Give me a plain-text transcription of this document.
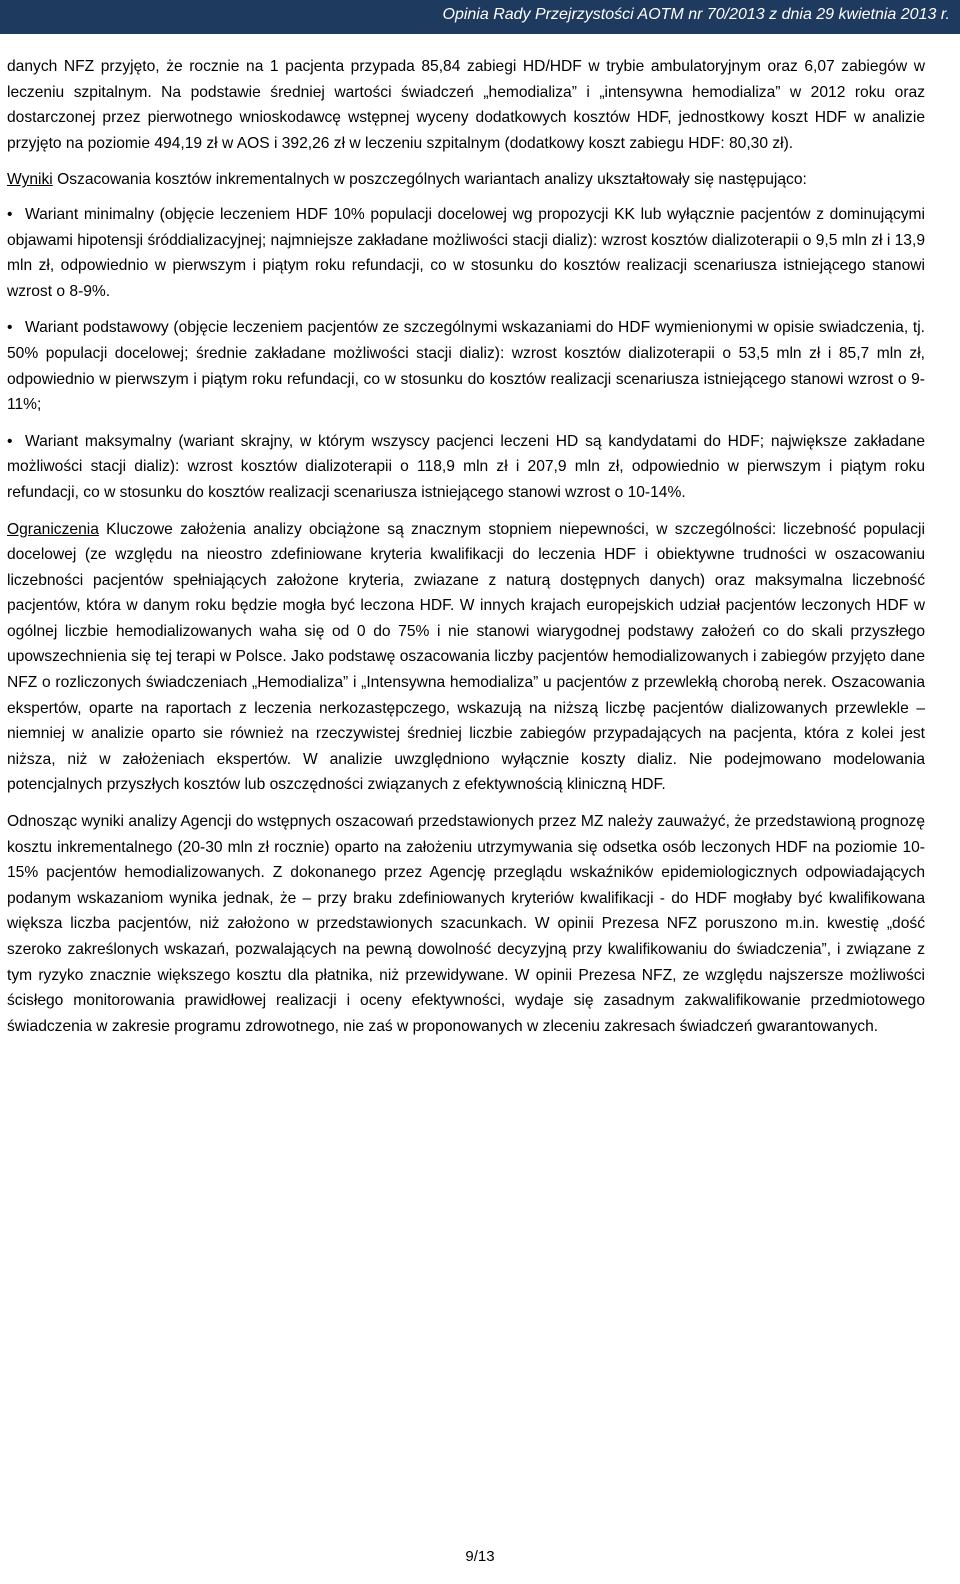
Opinia Rady Przejrzystości AOTM nr 70/2013 z dnia 29 kwietnia 2013 r.

danych NFZ przyjęto, że rocznie na 1 pacjenta przypada 85,84 zabiegi HD/HDF w trybie ambulatoryjnym oraz 6,07 zabiegów w leczeniu szpitalnym. Na podstawie średniej wartości świadczeń „hemodializa” i „intensywna hemodializa” w 2012 roku oraz dostarczonej przez pierwotnego wnioskodawcę wstępnej wyceny dodatkowych kosztów HDF, jednostkowy koszt HDF w analizie przyjęto na poziomie 494,19 zł w AOS i 392,26 zł w leczeniu szpitalnym (dodatkowy koszt zabiegu HDF: 80,30 zł).

Wyniki Oszacowania kosztów inkrementalnych w poszczególnych wariantach analizy ukształtowały się następująco:

• Wariant minimalny (objęcie leczeniem HDF 10% populacji docelowej wg propozycji KK lub wyłącznie pacjentów z dominującymi objawami hipotensji śróddializacyjnej; najmniejsze zakładane możliwości stacji dializ): wzrost kosztów dializoterapii o 9,5 mln zł i 13,9 mln zł, odpowiednio w pierwszym i piątym roku refundacji, co w stosunku do kosztów realizacji scenariusza istniejącego stanowi wzrost o 8-9%.

• Wariant podstawowy (objęcie leczeniem pacjentów ze szczególnymi wskazaniami do HDF wymienionymi w opisie swiadczenia, tj. 50% populacji docelowej; średnie zakładane możliwości stacji dializ): wzrost kosztów dializoterapii o 53,5 mln zł i 85,7 mln zł, odpowiednio w pierwszym i piątym roku refundacji, co w stosunku do kosztów realizacji scenariusza istniejącego stanowi wzrost o 9-11%;

• Wariant maksymalny (wariant skrajny, w którym wszyscy pacjenci leczeni HD są kandydatami do HDF; największe zakładane możliwości stacji dializ): wzrost kosztów dializoterapii o 118,9 mln zł i 207,9 mln zł, odpowiednio w pierwszym i piątym roku refundacji, co w stosunku do kosztów realizacji scenariusza istniejącego stanowi wzrost o 10-14%.

Ograniczenia Kluczowe założenia analizy obciążone są znacznym stopniem niepewności, w szczególności: liczebność populacji docelowej (ze względu na nieostro zdefiniowane kryteria kwalifikacji do leczenia HDF i obiektywne trudności w oszacowaniu liczebności pacjentów spełniających założone kryteria, zwiazane z naturą dostępnych danych) oraz maksymalna liczebność pacjentów, która w danym roku będzie mogła być leczona HDF. W innych krajach europejskich udział pacjentów leczonych HDF w ogólnej liczbie hemodializowanych waha się od 0 do 75% i nie stanowi wiarygodnej podstawy założeń co do skali przyszłego upowszechnienia się tej terapi w Polsce. Jako podstawę oszacowania liczby pacjentów hemodializowanych i zabiegów przyjęto dane NFZ o rozliczonych świadczeniach „Hemodializa” i „Intensywna hemodializa” u pacjentów z przewlekłą chorobą nerek. Oszacowania ekspertów, oparte na raportach z leczenia nerkozastępczego, wskazują na niższą liczbę pacjentów dializowanych przewlekle – niemniej w analizie oparto sie również na rzeczywistej średniej liczbie zabiegów przypadających na pacjenta, która z kolei jest niższa, niż w założeniach ekspertów. W analizie uwzględniono wyłącznie koszty dializ. Nie podejmowano modelowania potencjalnych przyszłych kosztów lub oszczędności związanych z efektywnością kliniczną HDF.

Odnosząc wyniki analizy Agencji do wstępnych oszacowań przedstawionych przez MZ należy zauważyć, że przedstawioną prognozę kosztu inkrementalnego (20-30 mln zł rocznie) oparto na założeniu utrzymywania się odsetka osób leczonych HDF na poziomie 10-15% pacjentów hemodializowanych. Z dokonanego przez Agencję przeglądu wskaźników epidemiologicznych odpowiadających podanym wskazaniom wynika jednak, że – przy braku zdefiniowanych kryteriów kwalifikacji - do HDF mogłaby być kwalifikowana większa liczba pacjentów, niż założono w przedstawionych szacunkach. W opinii Prezesa NFZ poruszono m.in. kwestię „dość szeroko zakreślonych wskazań, pozwalających na pewną dowolność decyzyjną przy kwalifikowaniu do świadczenia”, i związane z tym ryzyko znacznie większego kosztu dla płatnika, niż przewidywane. W opinii Prezesa NFZ, ze względu najszersze możliwości ścisłego monitorowania prawidłowej realizacji i oceny efektywności, wydaje się zasadnym zakwalifikowanie przedmiotowego świadczenia w zakresie programu zdrowotnego, nie zaś w proponowanych w zleceniu zakresach świadczeń gwarantowanych.

9/13
